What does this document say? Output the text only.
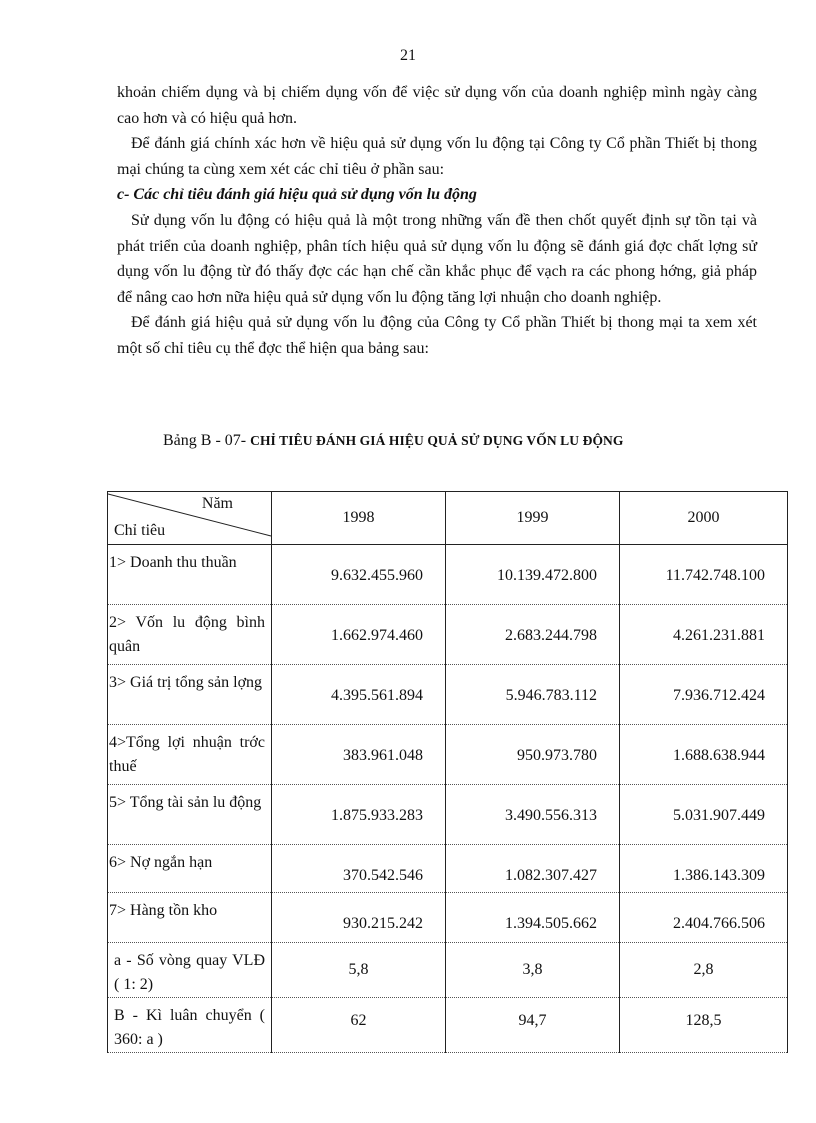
21

khoản chiếm dụng và bị chiếm dụng vốn để việc sử dụng vốn của doanh nghiệp mình ngày càng cao hơn và có hiệu quả hơn.

Để đánh giá chính xác hơn về hiệu quả sử dụng vốn lu động tại Công ty Cổ phần Thiết bị thong mại chúng ta cùng xem xét các chỉ tiêu ở phần sau:

c- Các chỉ tiêu đánh giá hiệu quả sử dụng vốn lu động

Sử dụng vốn lu động có hiệu quả là một trong những vấn đề then chốt quyết định sự tồn tại và phát triển của doanh nghiệp, phân tích hiệu quả sử dụng vốn lu động sẽ đánh giá đợc chất lợng sử dụng vốn lu động từ đó thấy đợc các hạn chế cần khắc phục để vạch ra các phong hớng, giả pháp để nâng cao hơn nữa hiệu quả sử dụng vốn lu động tăng lợi nhuận cho doanh nghiệp.

Để đánh giá hiệu quả sử dụng vốn lu động của Công ty Cổ phần Thiết bị thong mại ta xem xét một số chỉ tiêu cụ thể đợc thể hiện qua bảng sau:

Bảng B - 07- CHỈ TIÊU ĐÁNH GIÁ HIỆU QUẢ SỬ DỤNG VỐN LU ĐỘNG
Năm
Chỉ tiêu	1998	1999	2000
1> Doanh thu thuần	9.632.455.960	10.139.472.800	11.742.748.100
2> Vốn lu động bình quân	1.662.974.460	2.683.244.798	4.261.231.881
3> Giá trị tổng sản lợng	4.395.561.894	5.946.783.112	7.936.712.424
4>Tổng lợi nhuận trớc thuế	383.961.048	950.973.780	1.688.638.944
5> Tổng tài sản lu động	1.875.933.283	3.490.556.313	5.031.907.449
6> Nợ ngắn hạn	370.542.546	1.082.307.427	1.386.143.309
7> Hàng tồn kho	930.215.242	1.394.505.662	2.404.766.506
a - Số vòng quay VLĐ ( 1: 2)	5,8	3,8	2,8
B - Kì luân chuyển ( 360: a )	62	94,7	128,5
